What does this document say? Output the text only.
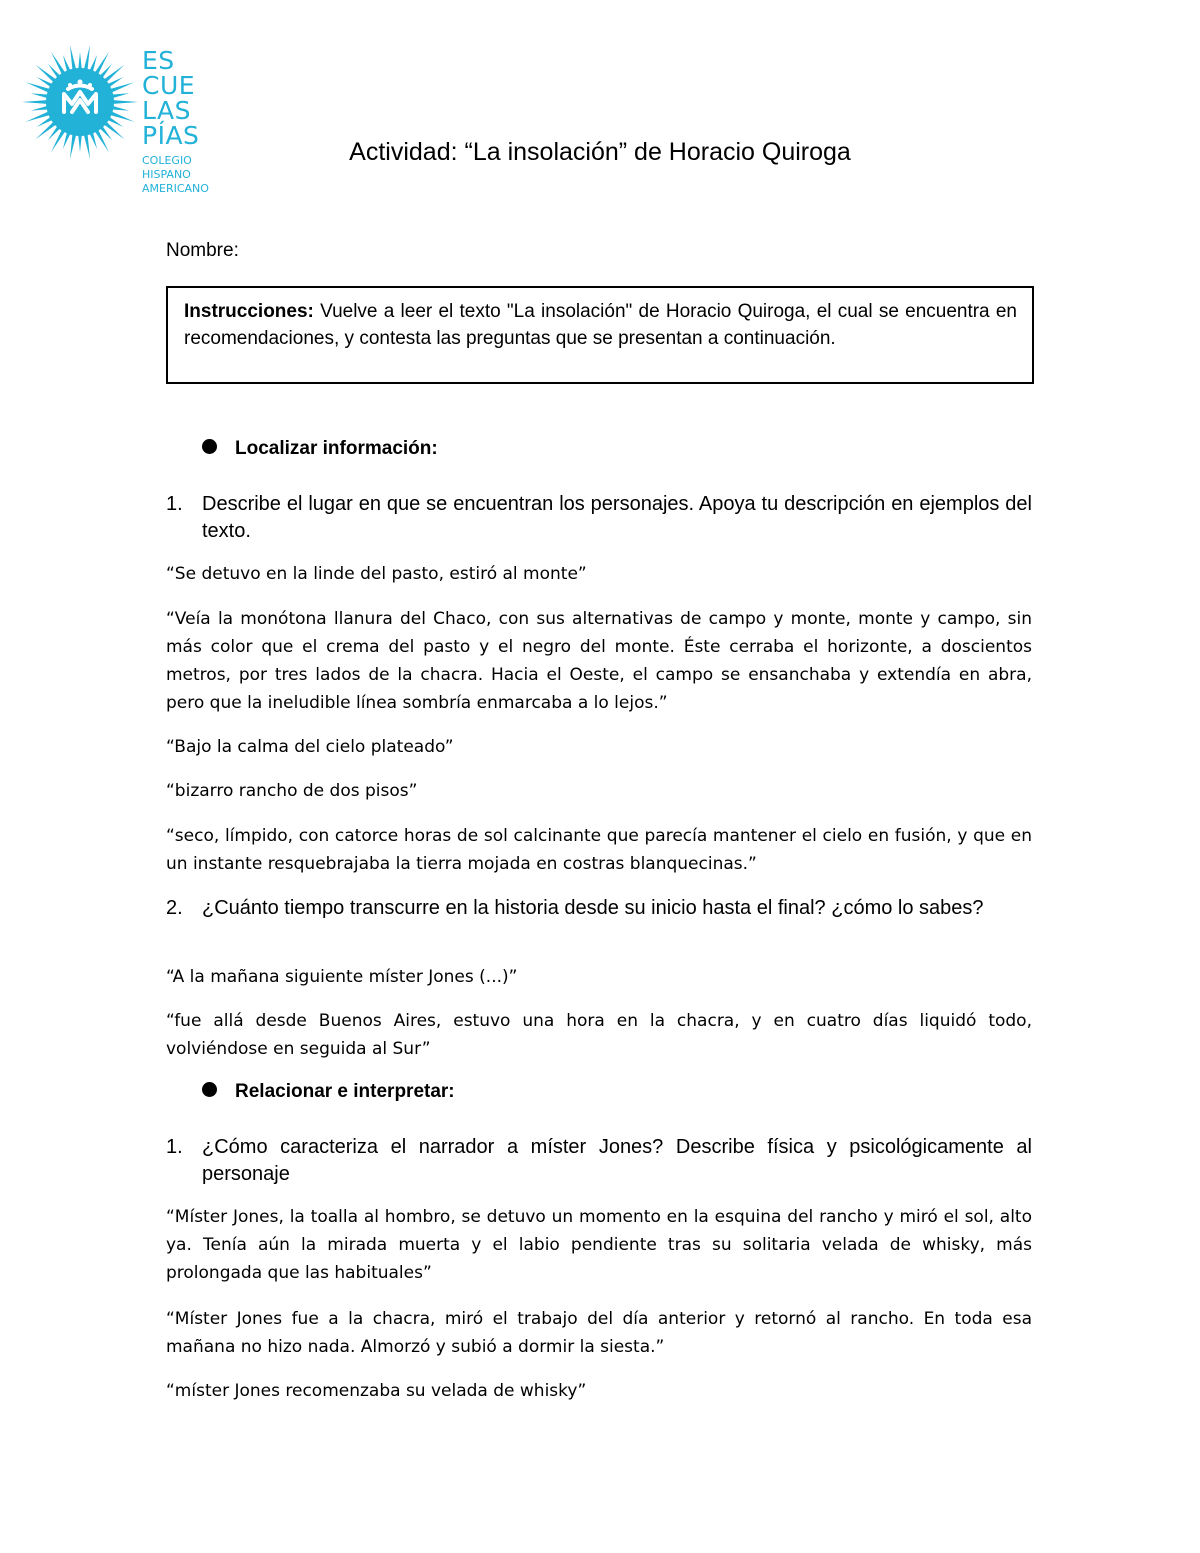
ES
CUE
LAS
PÍAS
COLEGIO
HISPANO
AMERICANO
Actividad: “La insolación” de Horacio Quiroga
Nombre:
Instrucciones: Vuelve a leer el texto "La insolación" de Horacio Quiroga, el cual se encuentra en recomendaciones, y contesta las preguntas que se presentan a continuación.
Localizar información:
1. Describe el lugar en que se encuentran los personajes. Apoya tu descripción en ejemplos del texto.
“Se detuvo en la linde del pasto, estiró al monte”
“Veía la monótona llanura del Chaco, con sus alternativas de campo y monte, monte y campo, sin más color que el crema del pasto y el negro del monte. Éste cerraba el horizonte, a doscientos metros, por tres lados de la chacra. Hacia el Oeste, el campo se ensanchaba y extendía en abra, pero que la ineludible línea sombría enmarcaba a lo lejos.”
“Bajo la calma del cielo plateado”
“bizarro rancho de dos pisos”
“seco, límpido, con catorce horas de sol calcinante que parecía mantener el cielo en fusión, y que en un instante resquebrajaba la tierra mojada en costras blanquecinas.”
2. ¿Cuánto tiempo transcurre en la historia desde su inicio hasta el final? ¿cómo lo sabes?
“A la mañana siguiente míster Jones (...)”
“fue allá desde Buenos Aires, estuvo una hora en la chacra, y en cuatro días liquidó todo, volviéndose en seguida al Sur”
Relacionar e interpretar:
1. ¿Cómo caracteriza el narrador a míster Jones? Describe física y psicológicamente al personaje
“Míster Jones, la toalla al hombro, se detuvo un momento en la esquina del rancho y miró el sol, alto ya. Tenía aún la mirada muerta y el labio pendiente tras su solitaria velada de whisky, más prolongada que las habituales”
“Míster Jones fue a la chacra, miró el trabajo del día anterior y retornó al rancho. En toda esa mañana no hizo nada. Almorzó y subió a dormir la siesta.”
“míster Jones recomenzaba su velada de whisky”
